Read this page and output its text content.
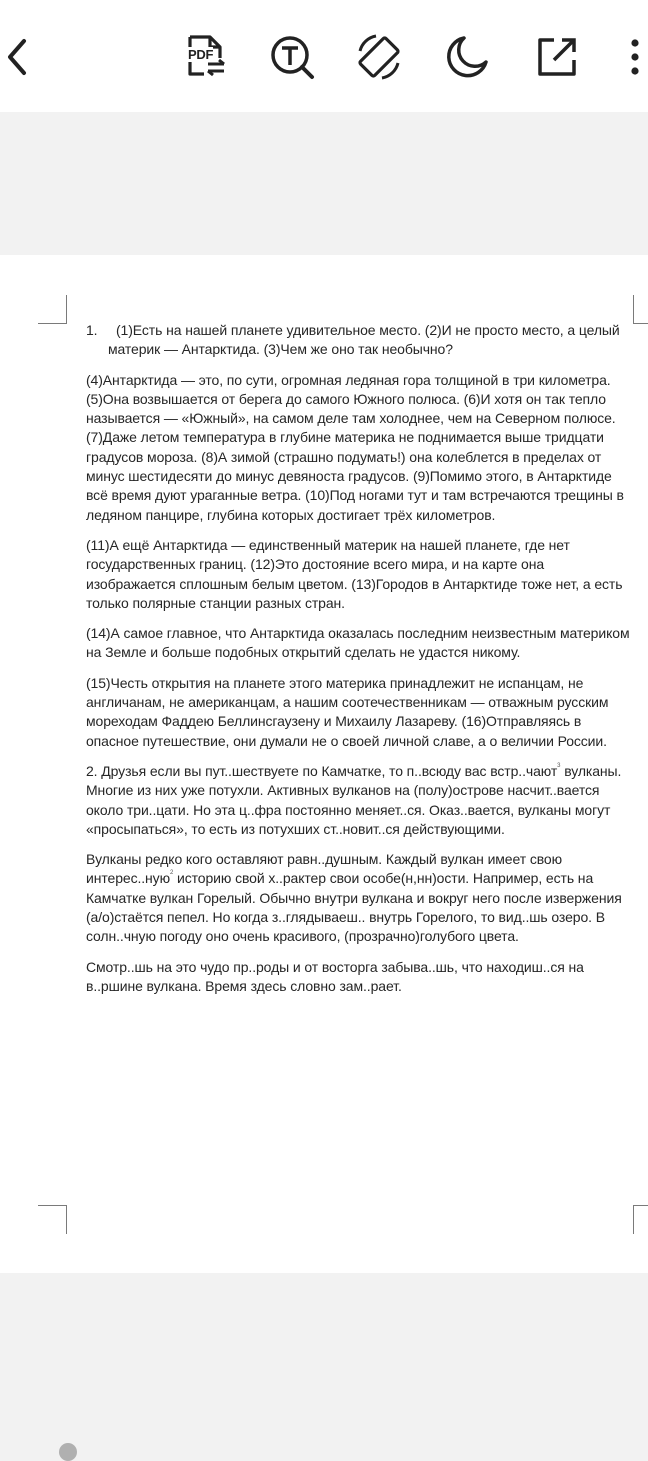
PDF
1.	(1)Есть на нашей планете удивительное место. (2)И не просто место, а целый материк — Антарктида. (3)Чем же оно так необычно?

(4)Антарктида — это, по сути, огромная ледяная гора толщиной в три километра. (5)Она возвышается от берега до самого Южного полюса. (6)И хотя он так тепло называется — «Южный», на самом деле там холоднее, чем на Северном полюсе. (7)Даже летом температура в глубине материка не поднимается выше тридцати градусов мороза. (8)А зимой (страшно подумать!) она колеблется в пределах от минус шестидесяти до минус девяноста градусов. (9)Помимо этого, в Антарктиде всё время дуют ураганные ветра. (10)Под ногами тут и там встречаются трещины в ледяном панцире, глубина которых достигает трёх километров.

(11)А ещё Антарктида — единственный материк на нашей планете, где нет государственных границ. (12)Это достояние всего мира, и на карте она изображается сплошным белым цветом. (13)Городов в Антарктиде тоже нет, а есть только полярные станции разных стран.

(14)А самое главное, что Антарктида оказалась последним неизвестным материком на Земле и больше подобных открытий сделать не удастся никому.

(15)Честь открытия на планете этого материка принадлежит не испанцам, не англичанам, не американцам, а нашим соотечественникам — отважным русским мореходам Фаддею Беллинсгаузену и Михаилу Лазареву. (16)Отправляясь в опасное путешествие, они думали не о своей личной славе, а о величии России.

2. Друзья если вы пут..шествуете по Камчатке, то п..всюду вас встр..чают$^3$ вулканы. Многие из них уже потухли. Активных вулканов на (полу)острове насчит..вается около три..цати. Но эта ц..фра постоянно меняет..ся. Оказ..вается, вулканы могут «просыпаться», то есть из потухших ст..новит..ся действующими.

Вулканы редко кого оставляют равн..душным. Каждый вулкан имеет свою интерес..ную$^2$ историю свой х..рактер свои особе(н,нн)ости. Например, есть на Камчатке вулкан Горелый. Обычно внутри вулкана и вокруг него после извержения (а/о)стаётся пепел. Но когда з..глядываеш.. внутрь Горелого, то вид..шь озеро. В солн..чную погоду оно очень красивого, (прозрачно)голубого цвета.

Смотр..шь на это чудо пр..роды и от восторга забыва..шь, что находиш..ся на в..ршине вулкана. Время здесь словно зам..рает.
